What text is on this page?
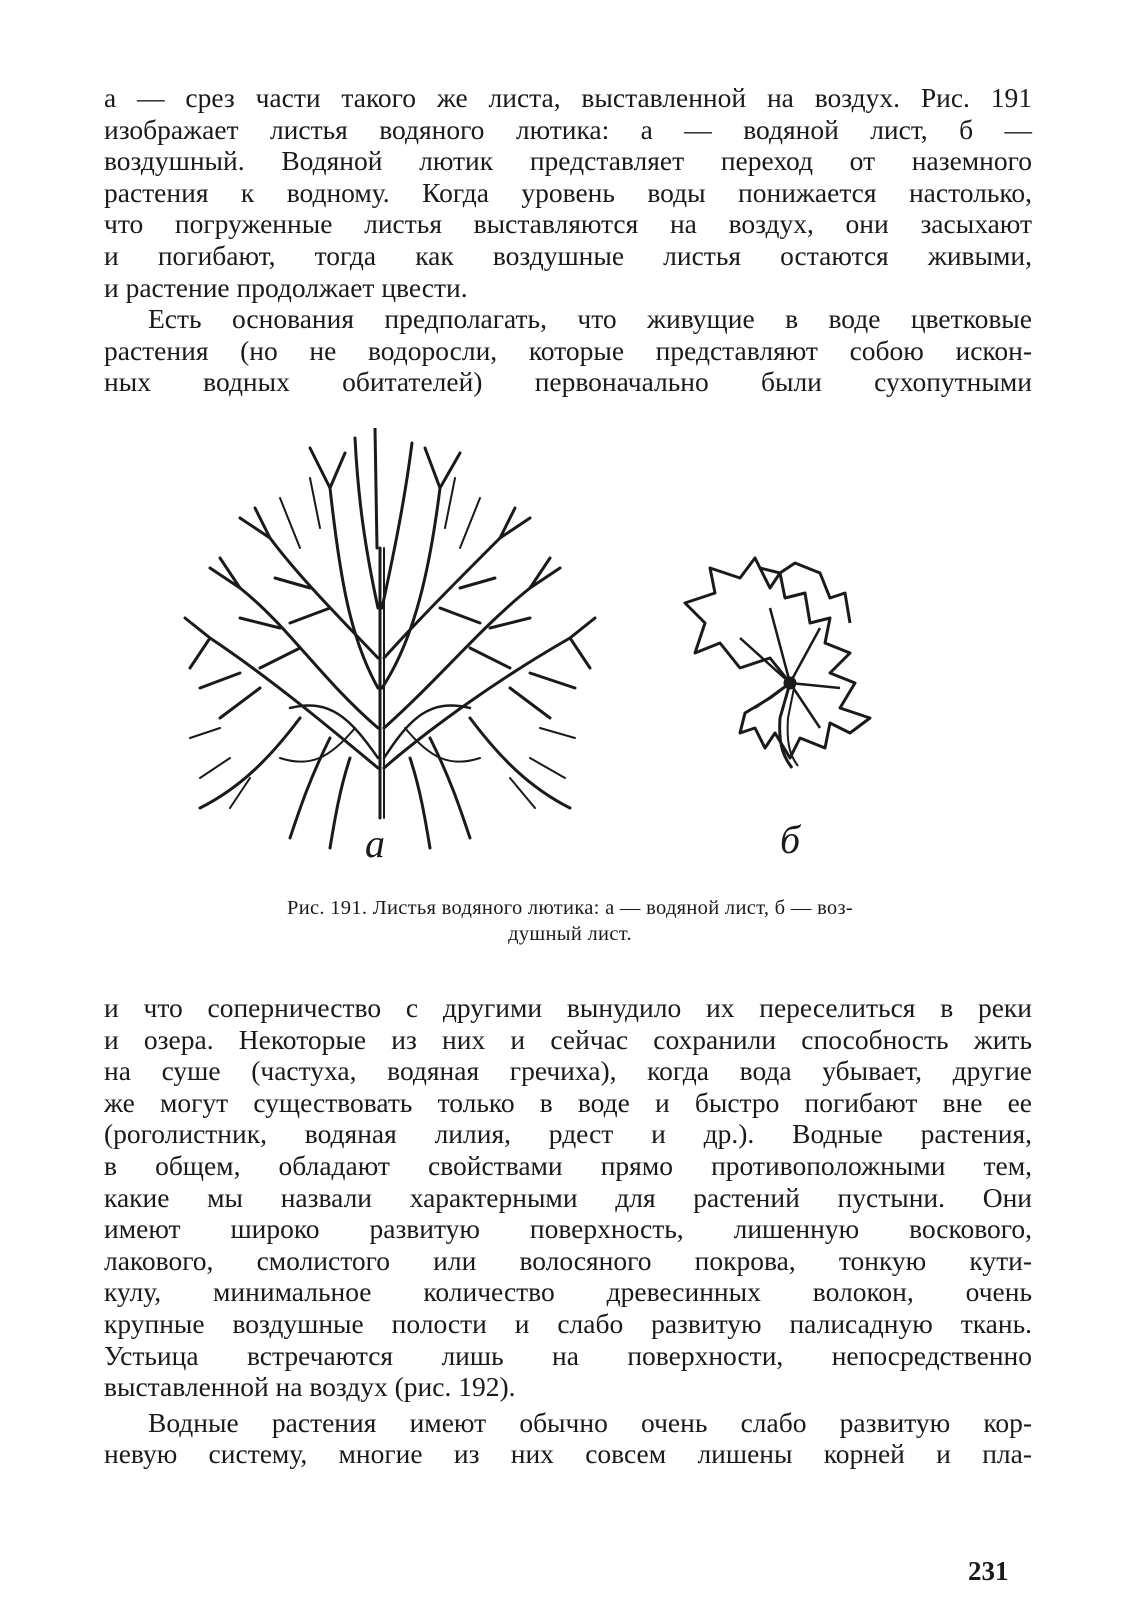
а — срез части такого же листа, выставленной на воздух. Рис. 191
изображает листья водяного лютика: а — водяной лист, б —
воздушный. Водяной лютик представляет переход от наземного
растения к водному. Когда уровень воды понижается настолько,
что погруженные листья выставляются на воздух, они засыхают
и погибают, тогда как воздушные листья остаются живыми,
и растение продолжает цвести.

Есть основания предполагать, что живущие в воде цветковые
растения (но не водоросли, которые представляют собою искон-
ных водных обитателей) первоначально были сухопутными

а	б
Рис. 191. Листья водяного лютика: а — водяной лист, б — воз-
душный лист.

и что соперничество с другими вынудило их переселиться в реки
и озера. Некоторые из них и сейчас сохранили способность жить
на суше (частуха, водяная гречиха), когда вода убывает, другие
же могут существовать только в воде и быстро погибают вне ее
(роголистник, водяная лилия, рдест и др.). Водные растения,
в общем, обладают свойствами прямо противоположными тем,
какие мы назвали характерными для растений пустыни. Они
имеют широко развитую поверхность, лишенную воскового,
лакового, смолистого или волосяного покрова, тонкую кути-
кулу, минимальное количество древесинных волокон, очень
крупные воздушные полости и слабо развитую палисадную ткань.
Устьица встречаются лишь на поверхности, непосредственно
выставленной на воздух (рис. 192).

Водные растения имеют обычно очень слабо развитую кор-
невую систему, многие из них совсем лишены корней и пла-

231
